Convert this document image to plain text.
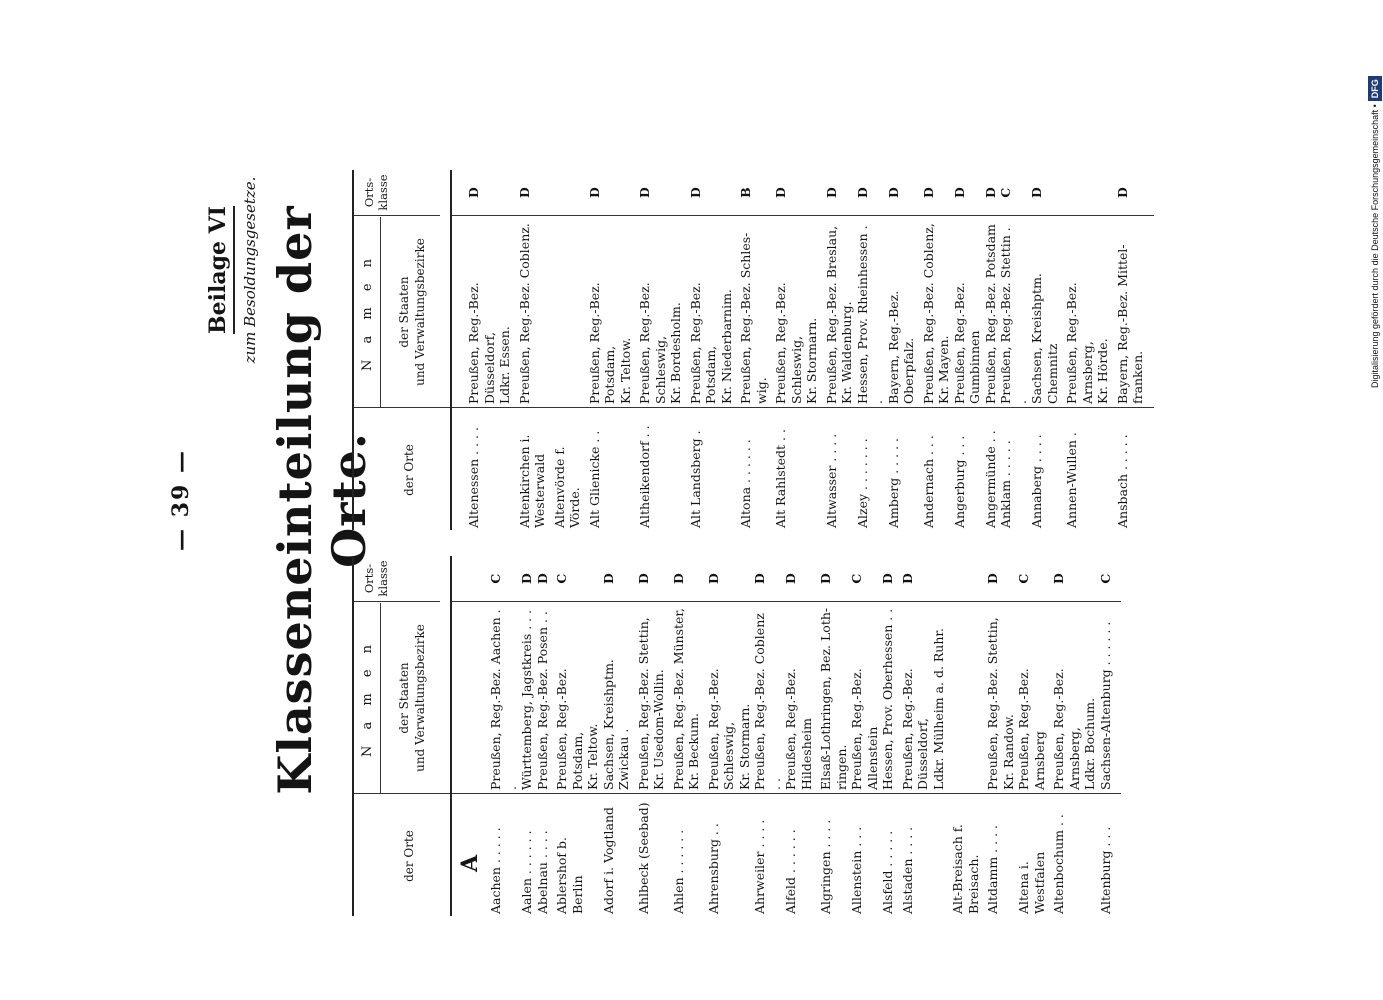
— 39 —
Beilage VI zum Besoldungsgesetze. Klasseneinteilung der Orte.
der Orte
N a m e n der Staaten und Verwaltungsbezirke
Orts- klasse
A Aachen . . . . .
Preußen, Reg.-Bez. Aachen . .
C
Aalen . . . . . .
Württemberg, Jagstkreis . . .
D
Abelnau . . . .
Preußen, Reg.-Bez. Posen . .
D
Ablershof b.
Berlin
Preußen, Reg.-Bez. Potsdam,
Kr. Teltow.
C
Adorf i. Vogtland
Sachsen, Kreishptm. Zwickau .
D
Ahlbeck (Seebad)
Preußen, Reg.-Bez. Stettin,
Kr. Usedom-Wollin.
D
Ahlen . . . . . .
Preußen, Reg.-Bez. Münster,
Kr. Beckum.
D
Ahrensburg . .
Preußen, Reg.-Bez. Schleswig,
Kr. Stormarn.
D
Ahrweiler . . . .
Preußen, Reg.-Bez. Coblenz . .
D
Alfeld . . . . . .
Preußen, Reg.-Bez. Hildesheim
D
Algringen . . . .
Elsaß-Lothringen, Bez. Loth-
ringen.
D
Allenstein . . .
Preußen, Reg.-Bez. Allenstein
C
Alsfeld . . . . .
Hessen, Prov. Oberhessen . .
D
Alstaden . . . .
Preußen, Reg.-Bez. Düsseldorf,
Ldkr. Mülheim a. d. Ruhr.
D
Alt-Breisach f.
Breisach. Altdamm . . . .
Preußen, Reg.-Bez. Stettin,
Kr. Randow.
D
Altena i. Westfalen
Preußen, Reg.-Bez. Arnsberg
C
Altenbochum . .
Preußen, Reg.-Bez. Arnsberg,
Ldkr. Bochum.
D
Altenburg . . .
Sachsen-Altenburg . . . . . .
C
der Orte
N a m e n der Staaten und Verwaltungsbezirke
Orts- klasse
Altenessen . . . .
Preußen, Reg.-Bez. Düsseldorf,
Ldkr. Essen.
D
Altenkirchen i.
Westerwald
Preußen, Reg.-Bez. Coblenz.
D
Altenvörde f.
Vörde. Alt Glienicke . .
Preußen, Reg.-Bez. Potsdam,
Kr. Teltow.
D
Altheikendorf . .
Preußen, Reg.-Bez. Schleswig,
Kr. Bordesholm.
D
Alt Landsberg .
Preußen, Reg.-Bez. Potsdam,
Kr. Niederbarnim.
D
Altona . . . . . .
Preußen, Reg.-Bez. Schles-
wig.
B
Alt Rahlstedt . .
Preußen, Reg.-Bez. Schleswig,
Kr. Stormarn.
D
Altwasser . . . .
Preußen, Reg.-Bez. Breslau,
Kr. Waldenburg.
D
Alzey . . . . . . .
Hessen, Prov. Rheinhessen . .
D
Amberg . . . . .
Bayern, Reg.-Bez. Oberpfalz.
D
Andernach . . .
Preußen, Reg.-Bez. Coblenz,
Kr. Mayen.
D
Angerburg . . .
Preußen, Reg.-Bez. Gumbinnen
D
Angermünde . .
Preußen, Reg.-Bez. Potsdam
D
Anklam . . . . .
Preußen, Reg.-Bez. Stettin . .
C
Annaberg . . . .
Sachsen, Kreishptm. Chemnitz
D
Annen-Wullen .
Preußen, Reg.-Bez. Arnsberg,
Kr. Hörde.
Ansbach . . . . .
Bayern, Reg.-Bez. Mittel-
franken.
D	Digitalisierung gefördert durch die Deutsche Forschungsgemeinschaft •DFG
